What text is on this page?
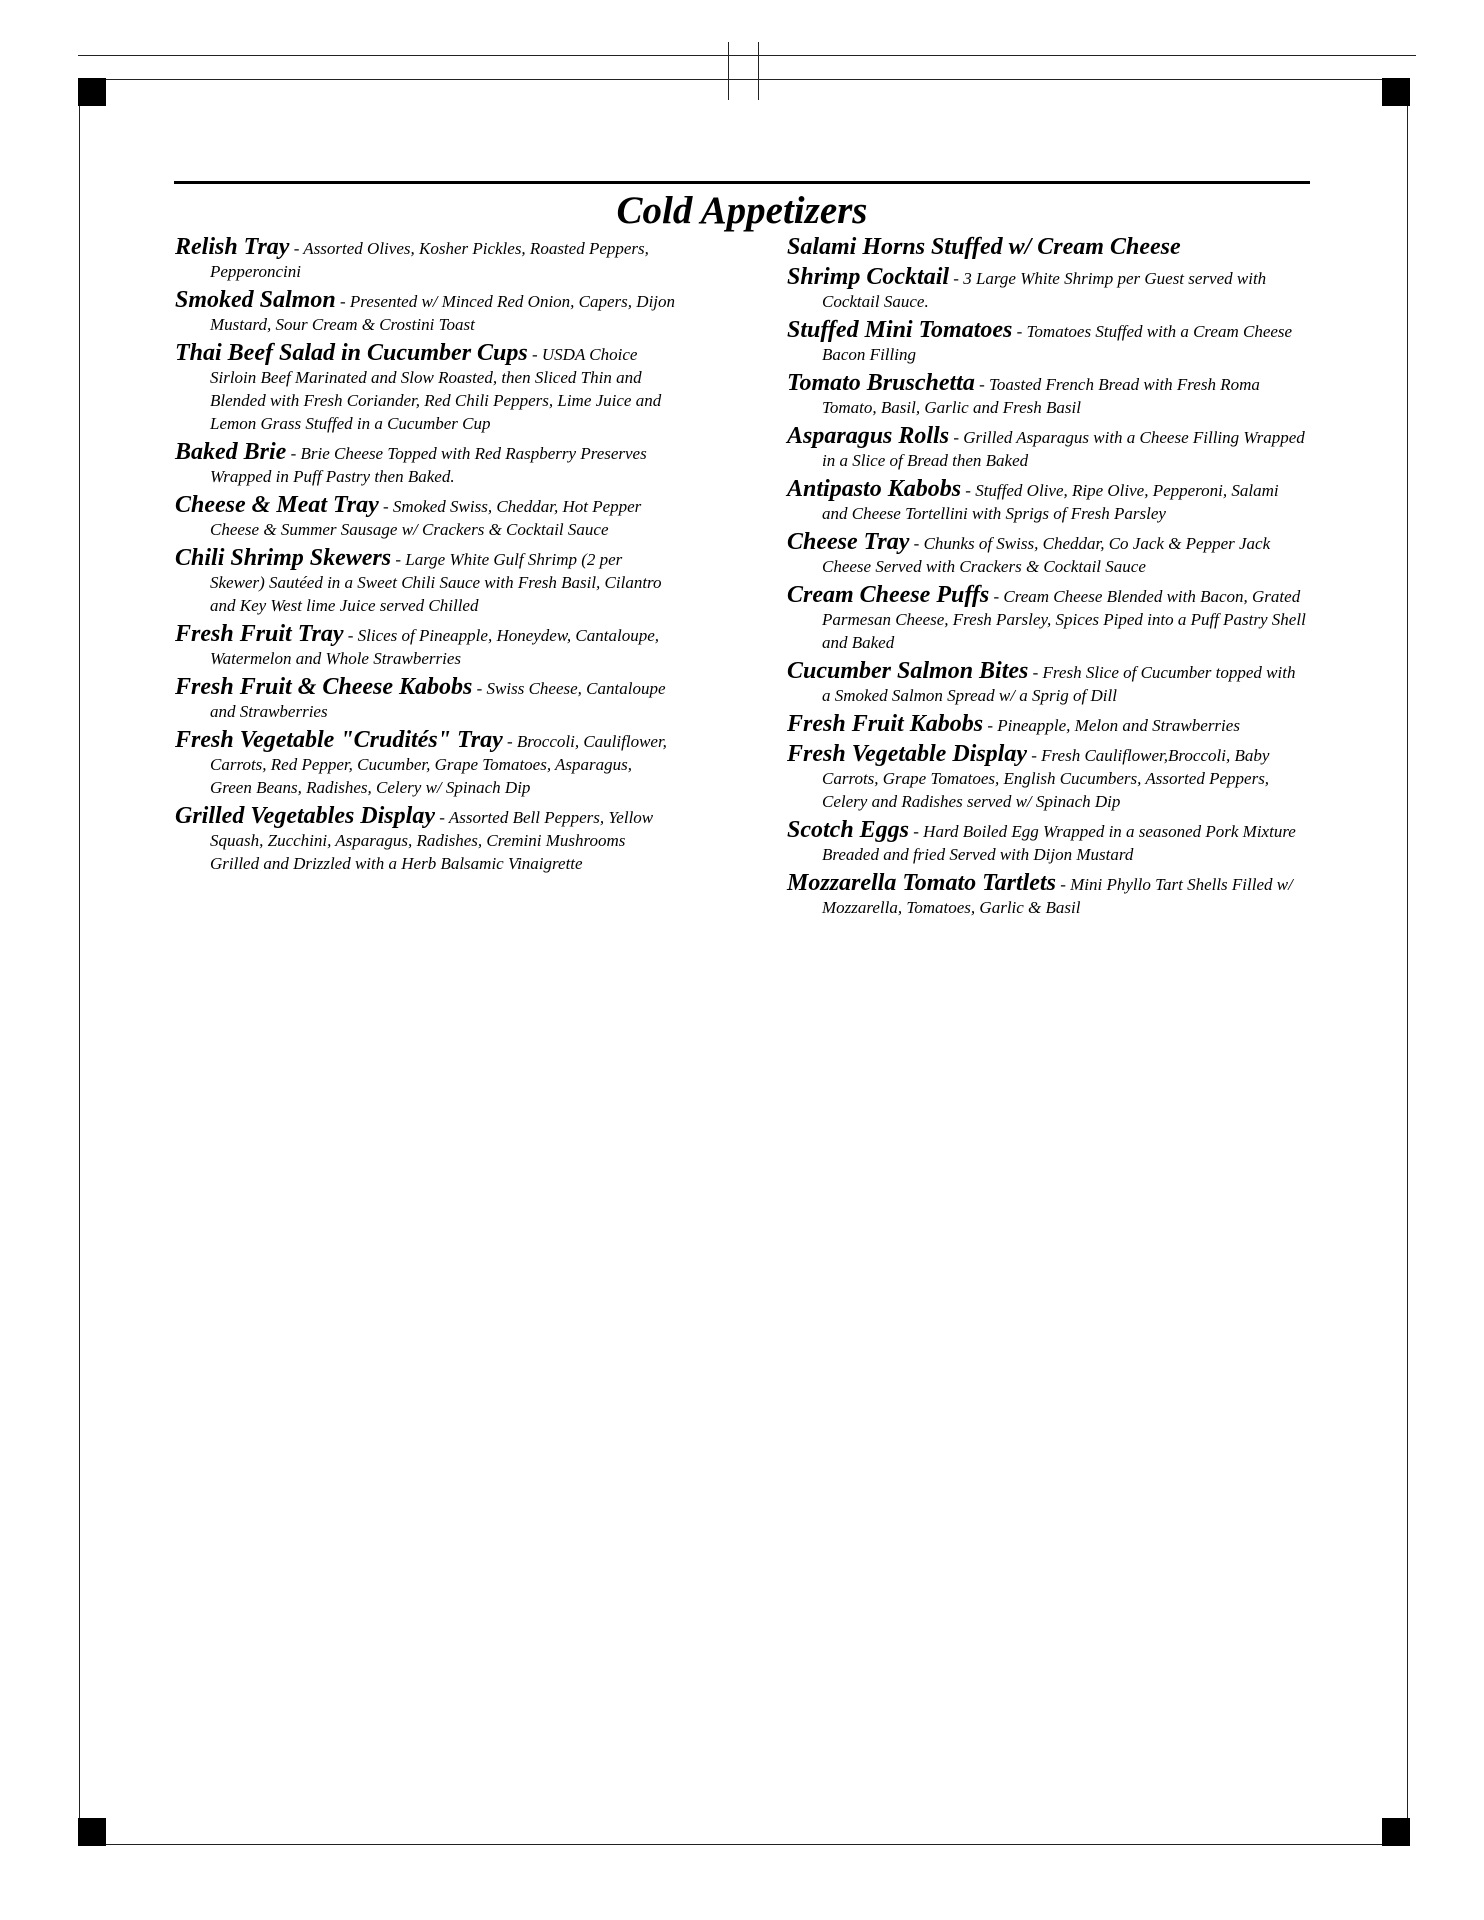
Cold Appetizers

Relish Tray - Assorted Olives, Kosher Pickles, Roasted Peppers, Pepperoncini

Smoked Salmon - Presented w/ Minced Red Onion, Capers, Dijon Mustard, Sour Cream & Crostini Toast

Thai Beef Salad in Cucumber Cups - USDA Choice Sirloin Beef Marinated and Slow Roasted, then Sliced Thin and Blended with Fresh Coriander, Red Chili Peppers, Lime Juice and Lemon Grass Stuffed in a Cucumber Cup

Baked Brie - Brie Cheese Topped with Red Raspberry Preserves Wrapped in Puff Pastry then Baked.

Cheese & Meat Tray - Smoked Swiss, Cheddar, Hot Pepper Cheese & Summer Sausage w/ Crackers & Cocktail Sauce

Chili Shrimp Skewers - Large White Gulf Shrimp (2 per Skewer) Sautéed in a Sweet Chili Sauce with Fresh Basil, Cilantro and Key West lime Juice served Chilled

Fresh Fruit Tray - Slices of Pineapple, Honeydew, Cantaloupe, Watermelon and Whole Strawberries

Fresh Fruit & Cheese Kabobs - Swiss Cheese, Cantaloupe and Strawberries

Fresh Vegetable "Crudités" Tray - Broccoli, Cauliflower, Carrots, Red Pepper, Cucumber, Grape Tomatoes, Asparagus, Green Beans, Radishes, Celery w/ Spinach Dip

Grilled Vegetables Display - Assorted Bell Peppers, Yellow Squash, Zucchini, Asparagus, Radishes, Cremini Mushrooms Grilled and Drizzled with a Herb Balsamic Vinaigrette

Salami Horns Stuffed w/ Cream Cheese

Shrimp Cocktail - 3 Large White Shrimp per Guest served with Cocktail Sauce.

Stuffed Mini Tomatoes - Tomatoes Stuffed with a Cream Cheese Bacon Filling

Tomato Bruschetta - Toasted French Bread with Fresh Roma Tomato, Basil, Garlic and Fresh Basil

Asparagus Rolls - Grilled Asparagus with a Cheese Filling Wrapped in a Slice of Bread then Baked

Antipasto Kabobs - Stuffed Olive, Ripe Olive, Pepperoni, Salami and Cheese Tortellini with Sprigs of Fresh Parsley

Cheese Tray - Chunks of Swiss, Cheddar, Co Jack & Pepper Jack Cheese Served with Crackers & Cocktail Sauce

Cream Cheese Puffs - Cream Cheese Blended with Bacon, Grated Parmesan Cheese, Fresh Parsley, Spices Piped into a Puff Pastry Shell and Baked

Cucumber Salmon Bites - Fresh Slice of Cucumber topped with a Smoked Salmon Spread w/ a Sprig of Dill

Fresh Fruit Kabobs - Pineapple, Melon and Strawberries

Fresh Vegetable Display - Fresh Cauliflower,Broccoli, Baby Carrots, Grape Tomatoes, English Cucumbers, Assorted Peppers, Celery and Radishes served w/ Spinach Dip

Scotch Eggs - Hard Boiled Egg Wrapped in a seasoned Pork Mixture Breaded and fried Served with Dijon Mustard

Mozzarella Tomato Tartlets - Mini Phyllo Tart Shells Filled w/ Mozzarella, Tomatoes, Garlic & Basil
